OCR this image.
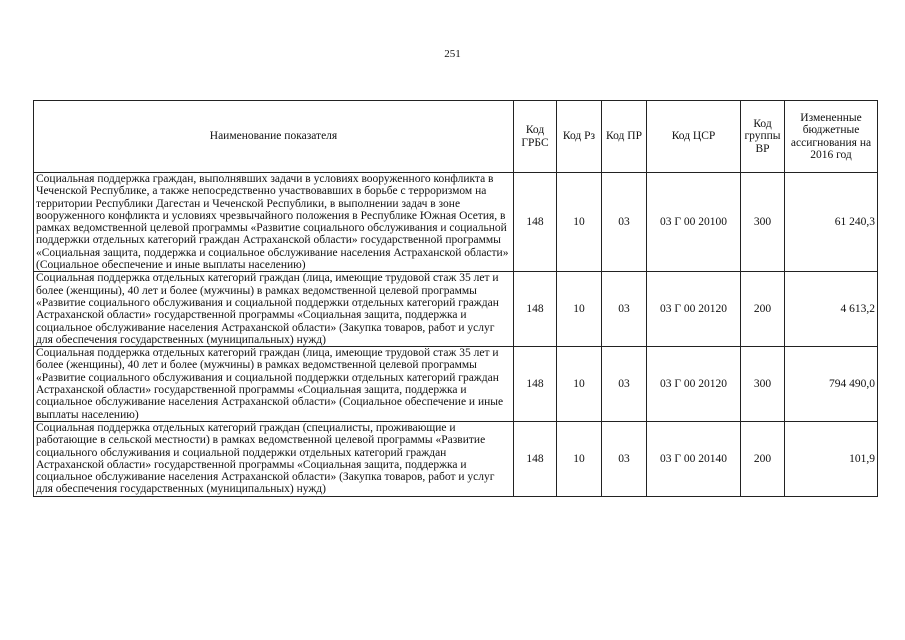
251
Наименование показателя	Код ГРБС	Код Рз	Код ПР	Код ЦСР	Код группы ВР	Измененные бюджетные ассигнования на 2016 год
Социальная поддержка граждан, выполнявших задачи в условиях вооруженного конфликта в Чеченской Республике, а также непосредственно участвовавших в борьбе с терроризмом на территории Республики Дагестан и Чеченской Республики, в выполнении задач в зоне вооруженного конфликта и условиях чрезвычайного положения в Республике Южная Осетия, в рамках ведомственной целевой программы «Развитие социального обслуживания и социальной поддержки отдельных категорий граждан Астраханской области» государственной программы «Социальная защита, поддержка и социальное обслуживание населения Астраханской области» (Социальное обеспечение и иные выплаты населению)	148	10	03	03 Г 00 20100	300	61 240,3
Социальная поддержка отдельных категорий граждан (лица, имеющие трудовой стаж 35 лет и более (женщины), 40 лет и более (мужчины) в рамках ведомственной целевой программы «Развитие социального обслуживания и социальной поддержки отдельных категорий граждан Астраханской области» государственной программы «Социальная защита, поддержка и социальное обслуживание населения Астраханской области» (Закупка товаров, работ и услуг для обеспечения государственных (муниципальных) нужд)	148	10	03	03 Г 00 20120	200	4 613,2
Социальная поддержка отдельных категорий граждан (лица, имеющие трудовой стаж 35 лет и более (женщины), 40 лет и более (мужчины) в рамках ведомственной целевой программы «Развитие социального обслуживания и социальной поддержки отдельных категорий граждан Астраханской области» государственной программы «Социальная защита, поддержка и социальное обслуживание населения Астраханской области» (Социальное обеспечение и иные выплаты населению)	148	10	03	03 Г 00 20120	300	794 490,0
Социальная поддержка отдельных категорий граждан (специалисты, проживающие и работающие в сельской местности) в рамках ведомственной целевой программы «Развитие социального обслуживания и социальной поддержки отдельных категорий граждан Астраханской области» государственной программы «Социальная защита, поддержка и социальное обслуживание населения Астраханской области» (Закупка товаров, работ и услуг для обеспечения государственных (муниципальных) нужд)	148	10	03	03 Г 00 20140	200	101,9
